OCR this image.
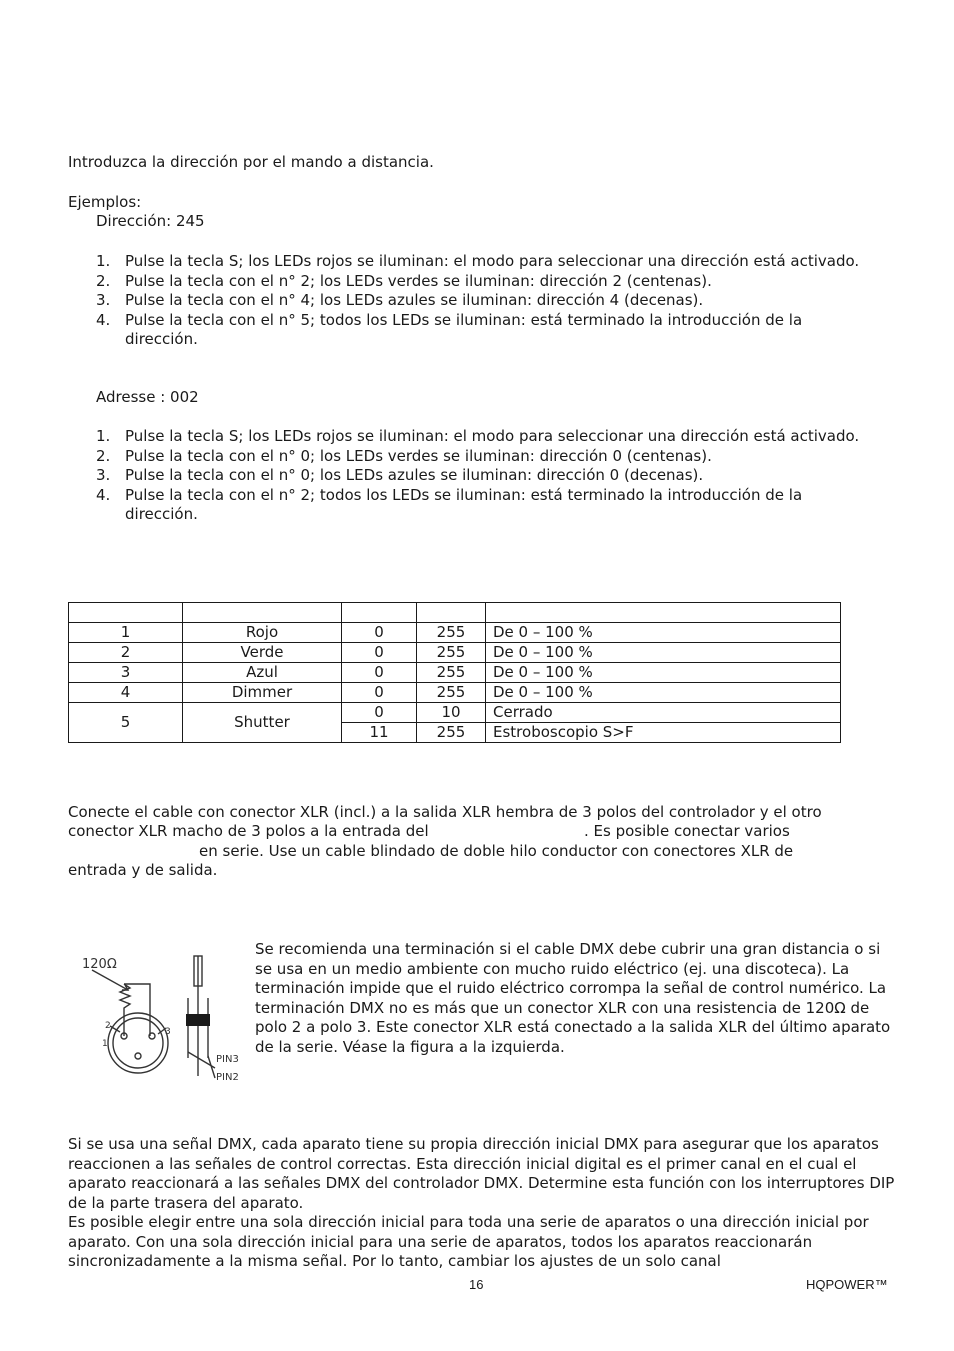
Introduzca la dirección por el mando a distancia.
Ejemplos:
Dirección: 245
1. Pulse la tecla S; los LEDs rojos se iluminan: el modo para seleccionar una dirección está activado.
2. Pulse la tecla con el n° 2; los LEDs verdes se iluminan: dirección 2 (centenas).
3. Pulse la tecla con el n° 4; los LEDs azules se iluminan: dirección 4 (decenas).
4. Pulse la tecla con el n° 5; todos los LEDs se iluminan: está terminado la introducción de la dirección.
Adresse : 002
1. Pulse la tecla S; los LEDs rojos se iluminan: el modo para seleccionar una dirección está activado.
2. Pulse la tecla con el n° 0; los LEDs verdes se iluminan: dirección 0 (centenas).
3. Pulse la tecla con el n° 0; los LEDs azules se iluminan: dirección 0 (decenas).
4. Pulse la tecla con el n° 2; todos los LEDs se iluminan: está terminado la introducción de la dirección.

1	Rojo	0	255	De 0 – 100 %
2	Verde	0	255	De 0 – 100 %
3	Azul	0	255	De 0 – 100 %
4	Dimmer	0	255	De 0 – 100 %
5	Shutter	0	10	Cerrado
		11	255	Estroboscopio S>F
Conecte el cable con conector XLR (incl.) a la salida XLR hembra de 3 polos del controlador y el otro
conector XLR macho de 3 polos a la entrada del	. Es posible conectar varios
en serie. Use un cable blindado de doble hilo conductor con conectores XLR de
entrada y de salida.
120Ω
1
2
3
PIN3
PIN2
Se recomienda una terminación si el cable DMX debe cubrir una gran distancia o si se usa en un medio ambiente con mucho ruido eléctrico (ej. una discoteca). La terminación impide que el ruido eléctrico corrompa la señal de control numérico. La terminación DMX no es más que un conector XLR con una resistencia de 120Ω de polo 2 a polo 3. Este conector XLR está conectado a la salida XLR del último aparato de la serie. Véase la figura a la izquierda.
Si se usa una señal DMX, cada aparato tiene su propia dirección inicial DMX para asegurar que los aparatos reaccionen a las señales de control correctas. Esta dirección inicial digital es el primer canal en el cual el aparato reaccionará a las señales DMX del controlador DMX. Determine esta función con los interruptores DIP de la parte trasera del aparato.
Es posible elegir entre una sola dirección inicial para toda una serie de aparatos o una dirección inicial por aparato. Con una sola dirección inicial para una serie de aparatos, todos los aparatos reaccionarán sincronizadamente a la misma señal. Por lo tanto, cambiar los ajustes de un solo canal
16	HQPOWER™
